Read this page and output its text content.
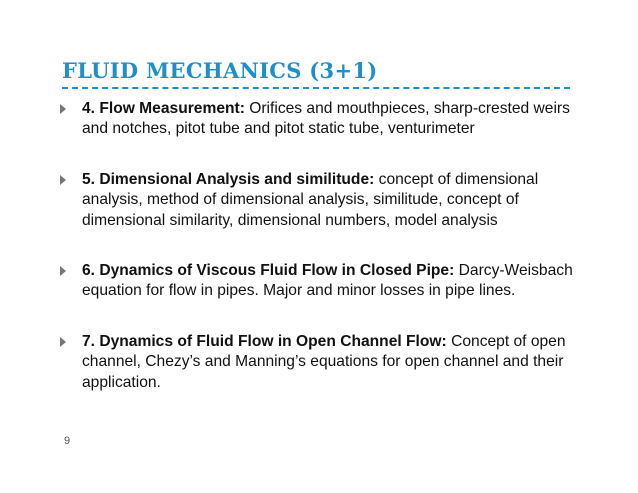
FLUID MECHANICS (3+1)
4. Flow Measurement: Orifices and mouthpieces, sharp-crested weirs and notches, pitot tube and pitot static tube, venturimeter
5. Dimensional Analysis and similitude: concept of dimensional analysis, method of dimensional analysis, similitude, concept of dimensional similarity, dimensional numbers, model analysis
6. Dynamics of Viscous Fluid Flow in Closed Pipe: Darcy-Weisbach equation for flow in pipes. Major and minor losses in pipe lines.
7. Dynamics of Fluid Flow in Open Channel Flow: Concept of open channel, Chezy’s and Manning’s equations for open channel and their application.
9
